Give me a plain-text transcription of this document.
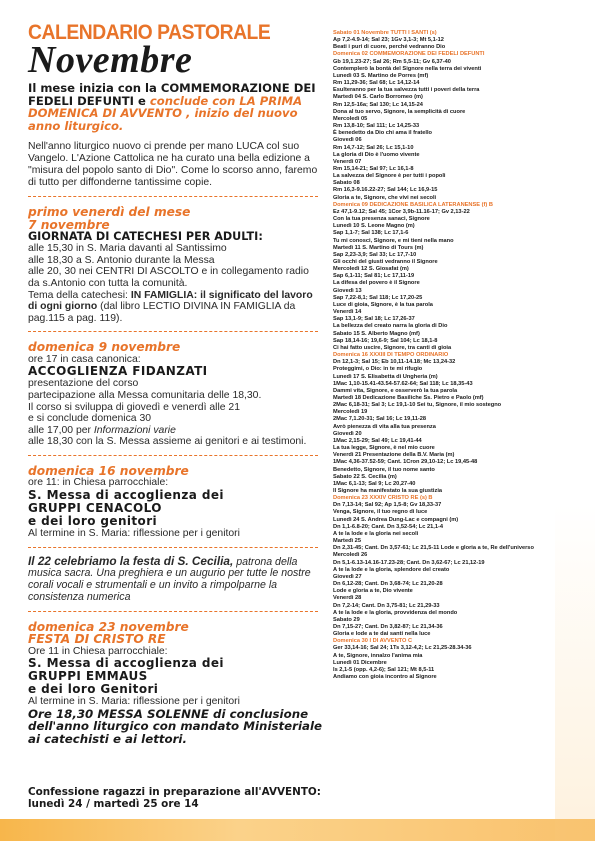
CALENDARIO PASTORALE
Novembre
Il mese inizia con la COMMEMORAZIONE DEI FEDELI DEFUNTI e conclude con LA PRIMA DOMENICA DI AVVENTO , inizio del nuovo anno liturgico.
Nell'anno liturgico nuovo ci prende per mano LUCA col suo Vangelo. L'Azione Cattolica ne ha curato una bella edizione a "misura del popolo santo di Dio". Come lo scorso anno, faremo di tutto per diffonderne tantissime copie.
primo venerdì del mese
7 novembre
GIORNATA DI CATECHESI PER ADULTI:
alle 15,30 in S. Maria davanti al Santissimo
alle 18,30 a S. Antonio durante la Messa
alle 20, 30 nei CENTRI DI ASCOLTO e in collegamento radio da s.Antonio con tutta la comunità.
Tema della catechesi: IN FAMIGLIA: il significato del lavoro di ogni giorno (dal libro LECTIO DIVINA IN FAMIGLIA da pag.115 a pag. 119).
domenica 9 novembre
ore 17 in casa canonica:
ACCOGLIENZA FIDANZATI
presentazione del corso
partecipazione alla Messa comunitaria delle 18,30.
Il corso si sviluppa di giovedì e venerdì alle 21
e si conclude domenica 30
alle 17,00 per Informazioni varie
alle 18,30 con la S. Messa assieme ai genitori e ai testimoni.
domenica 16 novembre
ore 11: in Chiesa parrocchiale:
S. Messa di accoglienza dei
GRUPPI CENACOLO
e dei loro genitori
Al termine in S. Maria: riflessione per i genitori
Il 22 celebriamo la festa di S. Cecilia, patrona della musica sacra. Una preghiera e un augurio per tutte le nostre corali vocali e strumentali e un invito a rimpolparne la consistenza numerica
domenica 23 novembre
FESTA DI CRISTO RE
Ore 11 in Chiesa parrocchiale:
S. Messa di accoglienza dei
GRUPPI EMMAUS
e dei loro Genitori
Al termine in S. Maria: riflessione per i genitori
Ore 18,30 MESSA SOLENNE di conclusione dell'anno liturgico con mandato Ministeriale ai catechisti e ai lettori.
Confessione ragazzi in preparazione all'AVVENTO:
lunedì 24 / martedì 25 ore 14
Sabato 01 Novembre TUTTI I SANTI (s)
Ap 7,2-4.9-14; Sal 23; 1Gv 3,1-3; Mt 5,1-12
Beati i puri di cuore, perché vedranno Dio
Domenica 02 COMMEMORAZIONE DEI FEDELI DEFUNTI
Gb 19,1.23-27; Sal 26; Rm 5,5-11; Gv 6,37-40
Contemplerò la bontà del Signore nella terra dei viventi
Lunedì 03 S. Martino de Porres (mf)
Rm 11,29-36; Sal 68; Lc 14,12-14
Esulteranno per la tua salvezza tutti i poveri della terra
Martedì 04 S. Carlo Borromeo (m)
Rm 12,5-16a; Sal 130; Lc 14,15-24
Dona al tuo servo, Signore, la semplicità di cuore
Mercoledì 05
Rm 13,8-10; Sal 111; Lc 14,25-33
È benedetto da Dio chi ama il fratello
Giovedì 06
Rm 14,7-12; Sal 26; Lc 15,1-10
La gloria di Dio è l'uomo vivente
Venerdì 07
Rm 15,14-21; Sal 97; Lc 16,1-8
La salvezza del Signore è per tutti i popoli
Sabato 08
Rm 16,3-9.16.22-27; Sal 144; Lc 16,9-15
Gloria a te, Signore, che vivi nei secoli
Domenica 09 DEDICAZIONE BASILICA LATERANENSE (f) B
Ez 47,1-9.12; Sal 45; 1Cor 3,9b-11.16-17; Gv 2,13-22
Con la tua presenza sanaci, Signore
Lunedì 10 S. Leone Magno (m)
Sap 1,1-7; Sal 138; Lc 17,1-6
Tu mi conosci, Signore, e mi tieni nella mano
Martedì 11 S. Martino di Tours (m)
Sap 2,23-3,9; Sal 33; Lc 17,7-10
Gli occhi del giusti vedranno il Signore
Mercoledì 12 S. Giosafat (m)
Sap 6,1-11; Sal 81; Lc 17,11-19
La difesa del povero è il Signore
Giovedì 13
Sap 7,22-8,1; Sal 118; Lc 17,20-25
Luce di gioia, Signore, è la tua parola
Venerdì 14
Sap 13,1-9; Sal 18; Lc 17,26-37
La bellezza del creato narra la gloria di Dio
Sabato 15 S. Alberto Magno (mf)
Sap 18,14-16; 19,6-9; Sal 104; Lc 18,1-8
Ci hai fatto uscire, Signore, tra canti di gioia
Domenica 16 XXXIII DI TEMPO ORDINARIO
Dn 12,1-3; Sal 15; Eb 10,11-14.18; Mc 13,24-32
Proteggimi, o Dio: in te mi rifugio
Lunedì 17 S. Elisabetta di Ungheria (m)
1Mac 1,10-15.41-43.54-57.62-64; Sal 118; Lc 18,35-43
Dammi vita, Signore, e osserverò la tua parola
Martedì 18 Dedicazione Basiliche Ss. Pietro e Paolo (mf)
2Mac 6,18-31; Sal 3; Lc 19,1-10 Sei tu, Signore, il mio sostegno
Mercoledì 19
2Mac 7,1.20-31; Sal 16; Lc 19,11-28
Avrò pienezza di vita alla tua presenza
Giovedì 20
1Mac 2,15-29; Sal 49; Lc 19,41-44
La tua legge, Signore, è nel mio cuore
Venerdì 21 Presentazione della B.V. Maria (m)
1Mac 4,36-37.52-59; Cant. 1Cron 29,10-12; Lc 19,45-48
Benedetto, Signore, il tuo nome santo
Sabato 22 S. Cecilia (m)
1Mac 6,1-13; Sal 9; Lc 20,27-40
Il Signore ha manifestato la sua giustizia
Domenica 23 XXXIV CRISTO RE (s) B
Dn 7,13-14; Sal 92; Ap 1,5-8; Gv 18,33-37
Venga, Signore, il tuo regno di luce
Lunedì 24 S. Andrea Dung-Lac e compagni (m)
Dn 1,1-6.8-20; Cant. Dn 3,52-54; Lc 21,1-4
A te la lode e la gloria nei secoli
Martedì 25
Dn 2,31-45; Cant. Dn 3,57-61; Lc 21,5-11 Lode e gloria a te, Re dell'universo
Mercoledì 26
Dn 5,1-6.13-14.16-17.23-28; Cant. Dn 3,62-67; Lc 21,12-19
A te la lode e la gloria, splendore del creato
Giovedì 27
Dn 6,12-28; Cant. Dn 3,68-74; Lc 21,20-28
Lode e gloria a te, Dio vivente
Venerdì 28
Dn 7,2-14; Cant. Dn 3,75-81; Lc 21,29-33
A te la lode e la gloria, provvidenza del mondo
Sabato 29
Dn 7,15-27; Cant. Dn 3,82-87; Lc 21,34-36
Gloria e lode a te dai santi nella luce
Domenica 30 I DI AVVENTO C
Ger 33,14-16; Sal 24; 1Ts 3,12-4,2; Lc 21,25-28.34-36
A te, Signore, innalzo l'anima mia
Lunedì 01 Dicembre
Is 2,1-5 (opp. 4,2-6); Sal 121; Mt 8,5-11
Andiamo con gioia incontro al Signore
